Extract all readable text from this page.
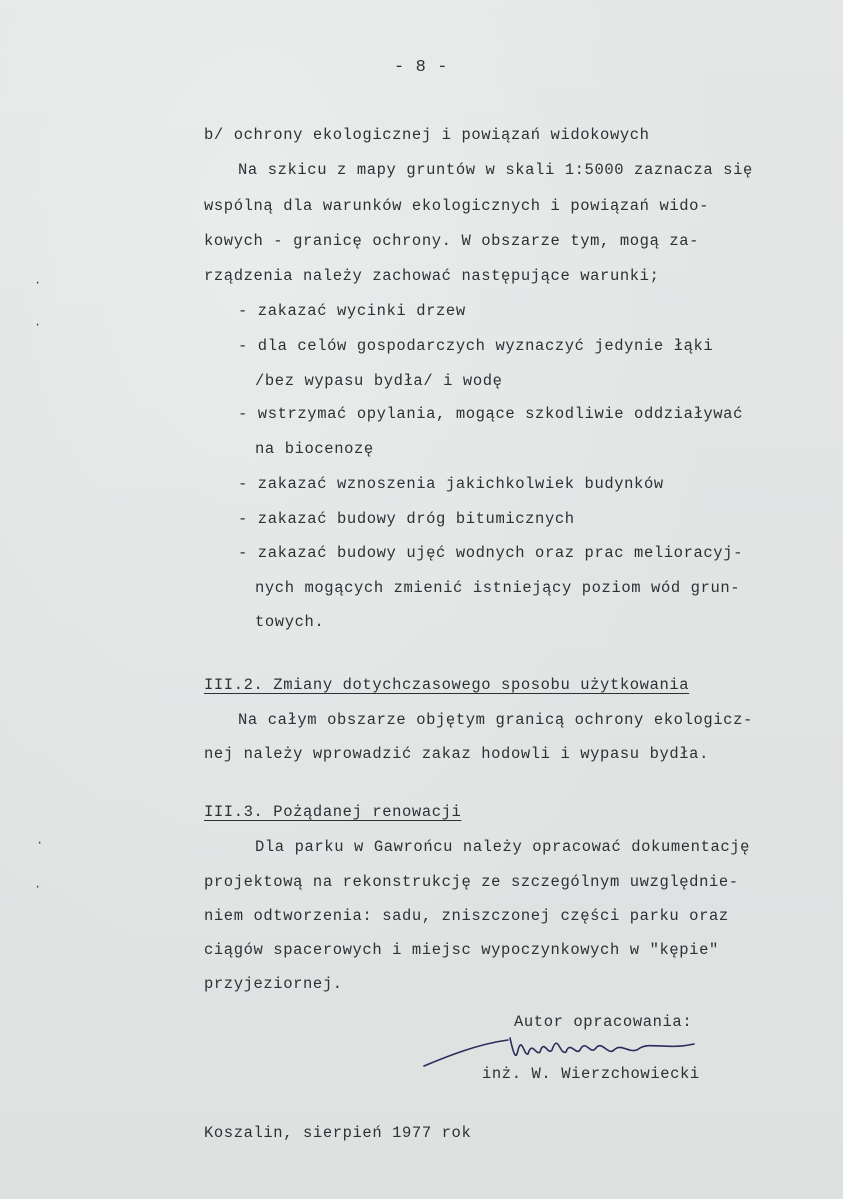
- 8 -
b/ ochrony ekologicznej i powiązań widokowych
Na szkicu z mapy gruntów w skali 1:5000 zaznacza się
wspólną dla warunków ekologicznych i powiązań wido-
kowych - granicę ochrony. W obszarze tym, mogą za-
rządzenia należy zachować następujące warunki;
- zakazać wycinki drzew
- dla celów gospodarczych wyznaczyć jedynie łąki
/bez wypasu bydła/ i wodę
- wstrzymać opylania, mogące szkodliwie oddziaływać
na biocenozę
- zakazać wznoszenia jakichkolwiek budynków
- zakazać budowy dróg bitumicznych
- zakazać budowy ujęć wodnych oraz prac melioracyj-
nych mogących zmienić istniejący poziom wód grun-
towych.
III.2. Zmiany dotychczasowego sposobu użytkowania
Na całym obszarze objętym granicą ochrony ekologicz-
nej należy wprowadzić zakaz hodowli i wypasu bydła.
III.3. Pożądanej renowacji
Dla parku w Gawrońcu należy opracować dokumentację
projektową na rekonstrukcję ze szczególnym uwzględnie-
niem odtworzenia: sadu, zniszczonej części parku oraz
ciągów spacerowych i miejsc wypoczynkowych w "kępie"
przyjeziornej.
Autor opracowania:
inż. W. Wierzchowiecki
Koszalin, sierpień 1977 rok
·
·
·
·
